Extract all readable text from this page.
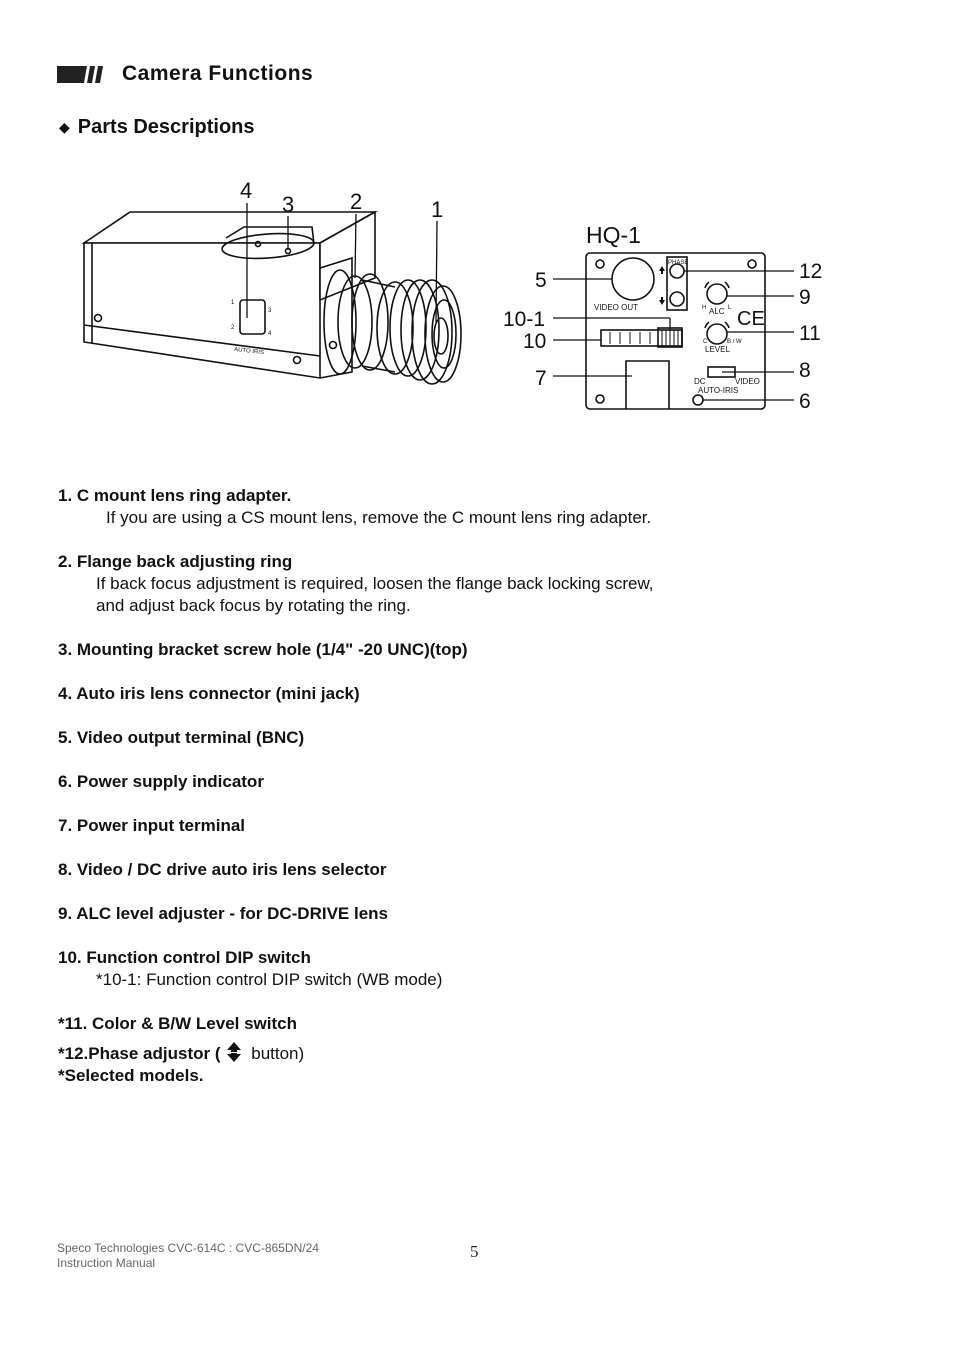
Camera Functions
◆ Parts Descriptions
1
2
3
4
AUTO IRIS
4
3	2	1
HQ-1
VIDEO OUT
PHASE
ALC
H	L
C	B / W
LEVEL
DC	VIDEO
AUTO-IRIS
CE
5
10-1
10
7
12
9
11
8
6
1. C mount lens ring adapter.
If you are using a CS mount lens, remove the C mount lens ring adapter.
2. Flange back adjusting ring
If back focus adjustment is required, loosen the flange back locking screw,
and adjust back focus by rotating the ring.
3. Mounting bracket screw hole (1/4" -20 UNC)(top)
4. Auto iris lens connector (mini jack)
5. Video output terminal (BNC)
6. Power supply indicator
7. Power input terminal
8. Video / DC drive auto iris lens selector
9. ALC level adjuster - for DC-DRIVE lens
10. Function control DIP switch
*10-1: Function control DIP switch (WB mode)
*11. Color & B/W Level switch
*12.Phase adjustor ( button)
*Selected models.
Speco Technologies CVC-614C : CVC-865DN/24
Instruction Manual
5
